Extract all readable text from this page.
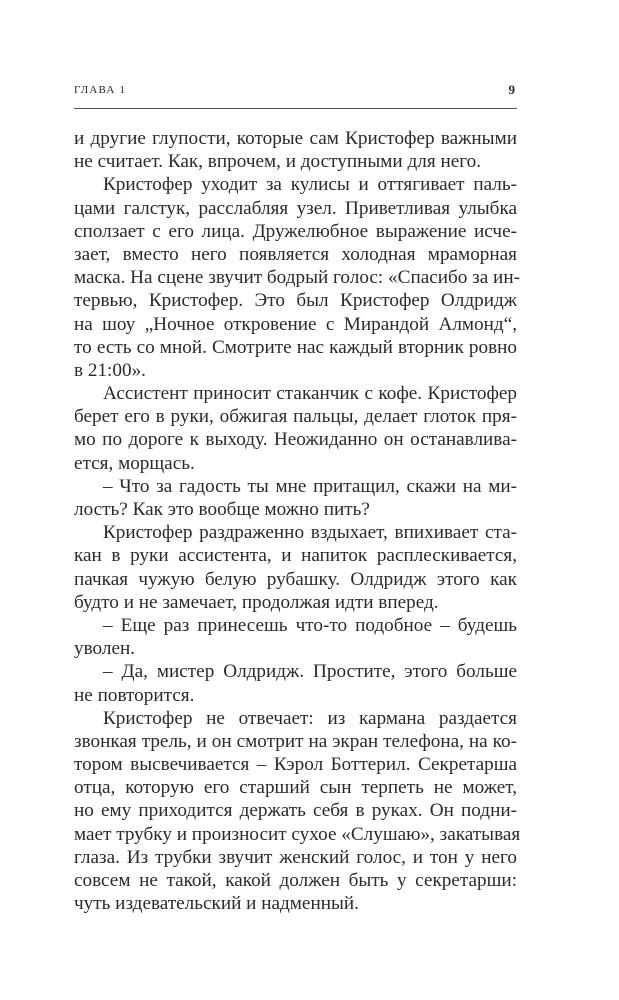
ГЛАВА 1	9
и другие глупости, которые сам Кристофер важными
не считает. Как, впрочем, и доступными для него.
Кристофер уходит за кулисы и оттягивает паль-
цами галстук, расслабляя узел. Приветливая улыбка
сползает с его лица. Дружелюбное выражение исче-
зает, вместо него появляется холодная мраморная
маска. На сцене звучит бодрый голос: «Спасибо за ин-
тервью, Кристофер. Это был Кристофер Олдридж
на шоу „Ночное откровение с Мирандой Алмонд“,
то есть со мной. Смотрите нас каждый вторник ровно
в 21:00».
Ассистент приносит стаканчик с кофе. Кристофер
берет его в руки, обжигая пальцы, делает глоток пря-
мо по дороге к выходу. Неожиданно он останавлива-
ется, морщась.
– Что за гадость ты мне притащил, скажи на ми-
лость? Как это вообще можно пить?
Кристофер раздраженно вздыхает, впихивает ста-
кан в руки ассистента, и напиток расплескивается,
пачкая чужую белую рубашку. Олдридж этого как
будто и не замечает, продолжая идти вперед.
– Еще раз принесешь что-то подобное – будешь
уволен.
– Да, мистер Олдридж. Простите, этого больше
не повторится.
Кристофер не отвечает: из кармана раздается
звонкая трель, и он смотрит на экран телефона, на ко-
тором высвечивается – Кэрол Боттерил. Секретарша
отца, которую его старший сын терпеть не может,
но ему приходится держать себя в руках. Он подни-
мает трубку и произносит сухое «Слушаю», закатывая
глаза. Из трубки звучит женский голос, и тон у него
совсем не такой, какой должен быть у секретарши:
чуть издевательский и надменный.
